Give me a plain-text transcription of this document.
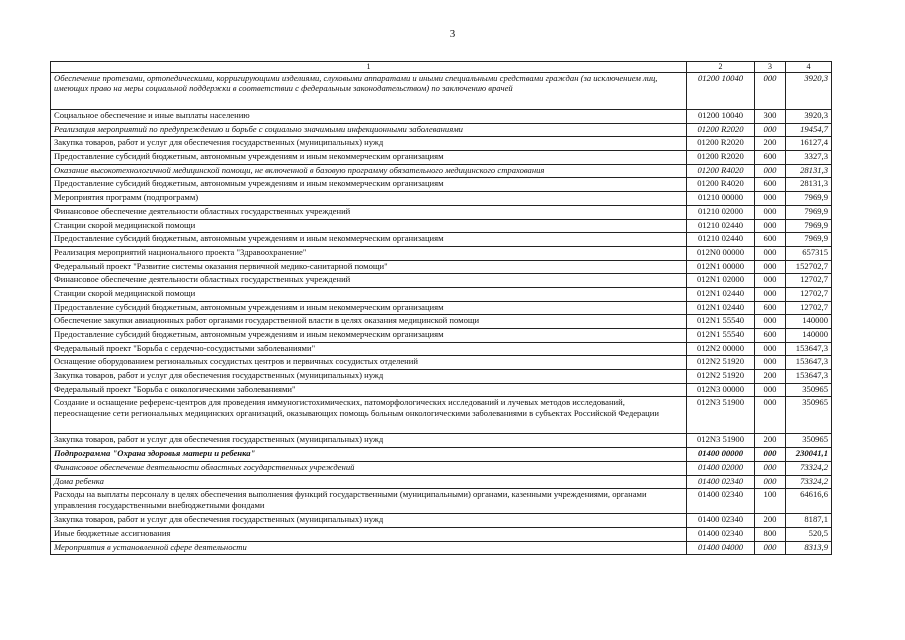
3
1	2	3	4
Обеспечение протезами, ортопедическими, корригирующими изделиями, слуховыми аппаратами и иными специальными средствами граждан (за исключением лиц, имеющих право на меры социальной поддержки в соответствии с федеральным законодательством) по заключению врачей	01200 10040	000	3920,3
Социальное обеспечение и иные выплаты населению	01200 10040	300	3920,3
Реализация мероприятий по предупреждению и борьбе с социально значимыми инфекционными заболеваниями	01200 R2020	000	19454,7
Закупка товаров, работ и услуг для обеспечения государственных (муниципальных) нужд	01200 R2020	200	16127,4
Предоставление субсидий бюджетным, автономным учреждениям и иным некоммерческим организациям	01200 R2020	600	3327,3
Оказание высокотехнологичной медицинской помощи, не включенной в базовую программу обязательного медицинского страхования	01200 R4020	000	28131,3
Предоставление субсидий бюджетным, автономным учреждениям и иным некоммерческим организациям	01200 R4020	600	28131,3
Мероприятия программ (подпрограмм)	01210 00000	000	7969,9
Финансовое обеспечение деятельности областных государственных учреждений	01210 02000	000	7969,9
Станции скорой медицинской помощи	01210 02440	000	7969,9
Предоставление субсидий бюджетным, автономным учреждениям и иным некоммерческим организациям	01210 02440	600	7969,9
Реализация мероприятий национального проекта "Здравоохранение"	012N0 00000	000	657315
Федеральный проект "Развитие системы оказания первичной медико-санитарной помощи"	012N1 00000	000	152702,7
Финансовое обеспечение деятельности областных государственных учреждений	012N1 02000	000	12702,7
Станции скорой медицинской помощи	012N1 02440	000	12702,7
Предоставление субсидий бюджетным, автономным учреждениям и иным некоммерческим организациям	012N1 02440	600	12702,7
Обеспечение закупки авиационных работ органами государственной власти в целях оказания медицинской помощи	012N1 55540	000	140000
Предоставление субсидий бюджетным, автономным учреждениям и иным некоммерческим организациям	012N1 55540	600	140000
Федеральный проект "Борьба с сердечно-сосудистыми заболеваниями"	012N2 00000	000	153647,3
Оснащение оборудованием региональных сосудистых центров и первичных сосудистых отделений	012N2 51920	000	153647,3
Закупка товаров, работ и услуг для обеспечения государственных (муниципальных) нужд	012N2 51920	200	153647,3
Федеральный проект "Борьба с онкологическими заболеваниями"	012N3 00000	000	350965
Создание и оснащение референс-центров для проведения иммуногистохимических, патоморфологических исследований и лучевых методов исследований, переоснащение сети региональных медицинских организаций, оказывающих помощь больным онкологическими заболеваниями в субъектах Российской Федерации	012N3 51900	000	350965
Закупка товаров, работ и услуг для обеспечения государственных (муниципальных) нужд	012N3 51900	200	350965
Подпрограмма "Охрана здоровья матери и ребенка"	01400 00000	000	230041,1
Финансовое обеспечение деятельности областных государственных учреждений	01400 02000	000	73324,2
Дома ребенка	01400 02340	000	73324,2
Расходы на выплаты персоналу в целях обеспечения выполнения функций государственными (муниципальными) органами, казенными учреждениями, органами управления государственными внебюджетными фондами	01400 02340	100	64616,6
Закупка товаров, работ и услуг для обеспечения государственных (муниципальных) нужд	01400 02340	200	8187,1
Иные бюджетные ассигнования	01400 02340	800	520,5
Мероприятия в установленной сфере деятельности	01400 04000	000	8313,9
